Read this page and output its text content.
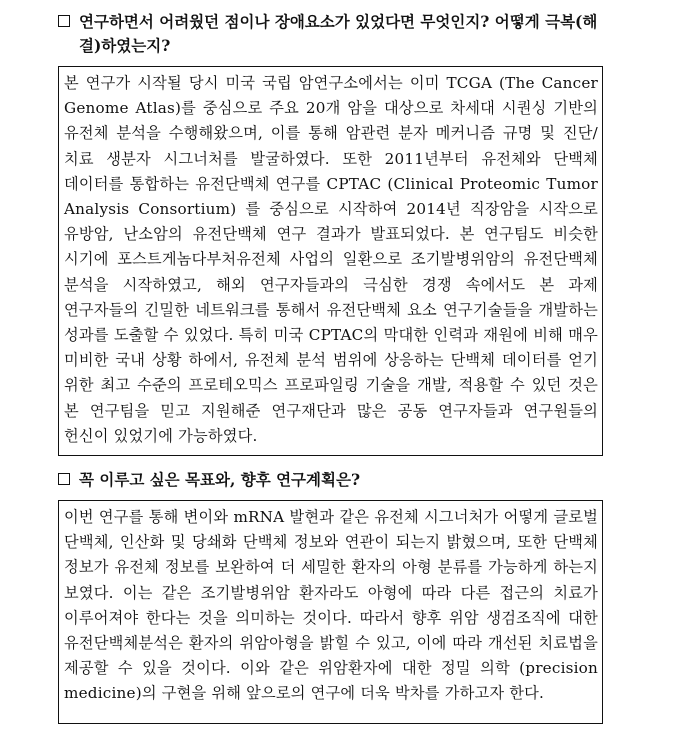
연구하면서 어려웠던 점이나 장애요소가 있었다면 무엇인지? 어떻게 극복(해결)하였는지?

본 연구가 시작될 당시 미국 국립 암연구소에서는 이미 TCGA (The Cancer Genome Atlas)를 중심으로 주요 20개 암을 대상으로 차세대 시퀀싱 기반의 유전체 분석을 수행해왔으며, 이를 통해 암관련 분자 메커니즘 규명 및 진단/치료 생분자 시그너처를 발굴하였다. 또한 2011년부터 유전체와 단백체 데이터를 통합하는 유전단백체 연구를 CPTAC (Clinical Proteomic Tumor Analysis Consortium) 를 중심으로 시작하여 2014년 직장암을 시작으로 유방암, 난소암의 유전단백체 연구 결과가 발표되었다. 본 연구팀도 비슷한 시기에 포스트게놈다부처유전체 사업의 일환으로 조기발병위암의 유전단백체 분석을 시작하였고, 해외 연구자들과의 극심한 경쟁 속에서도 본 과제 연구자들의 긴밀한 네트워크를 통해서 유전단백체 요소 연구기술들을 개발하는 성과를 도출할 수 있었다. 특히 미국 CPTAC의 막대한 인력과 재원에 비해 매우 미비한 국내 상황 하에서, 유전체 분석 범위에 상응하는 단백체 데이터를 얻기 위한 최고 수준의 프로테오믹스 프로파일링 기술을 개발, 적용할 수 있던 것은 본 연구팀을 믿고 지원해준 연구재단과 많은 공동 연구자들과 연구원들의 헌신이 있었기에 가능하였다.

꼭 이루고 싶은 목표와, 향후 연구계획은?

이번 연구를 통해 변이와 mRNA 발현과 같은 유전체 시그너처가 어떻게 글로벌 단백체, 인산화 및 당쇄화 단백체 정보와 연관이 되는지 밝혔으며, 또한 단백체 정보가 유전체 정보를 보완하여 더 세밀한 환자의 아형 분류를 가능하게 하는지 보였다. 이는 같은 조기발병위암 환자라도 아형에 따라 다른 접근의 치료가 이루어져야 한다는 것을 의미하는 것이다. 따라서 향후 위암 생검조직에 대한 유전단백체분석은 환자의 위암아형을 밝힐 수 있고, 이에 따라 개선된 치료법을 제공할 수 있을 것이다. 이와 같은 위암환자에 대한 정밀 의학 (precision medicine)의 구현을 위해 앞으로의 연구에 더욱 박차를 가하고자 한다.
